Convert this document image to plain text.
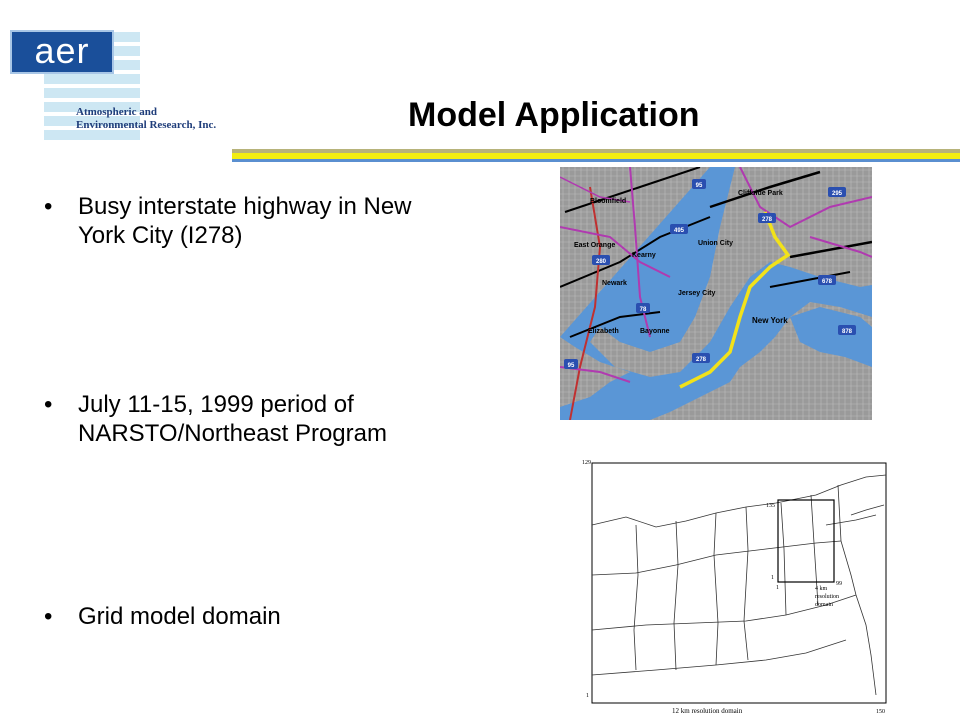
aer
Atmospheric and
Environmental Research, Inc.	Model Application
•	Busy interstate highway in New York City (I278)
•	July 11-15, 1999 period of NARSTO/Northeast Program
•	Grid model domain
Bloomfield
Cliffside Park
East Orange	Union City
Kearny
Newark
Jersey City
Elizabeth	Bayonne
New York
95
295
278
495
280
78
678
878
278
95
129
1
150
135
1
1
99
4 km
resolution
domain
12 km resolution domain
